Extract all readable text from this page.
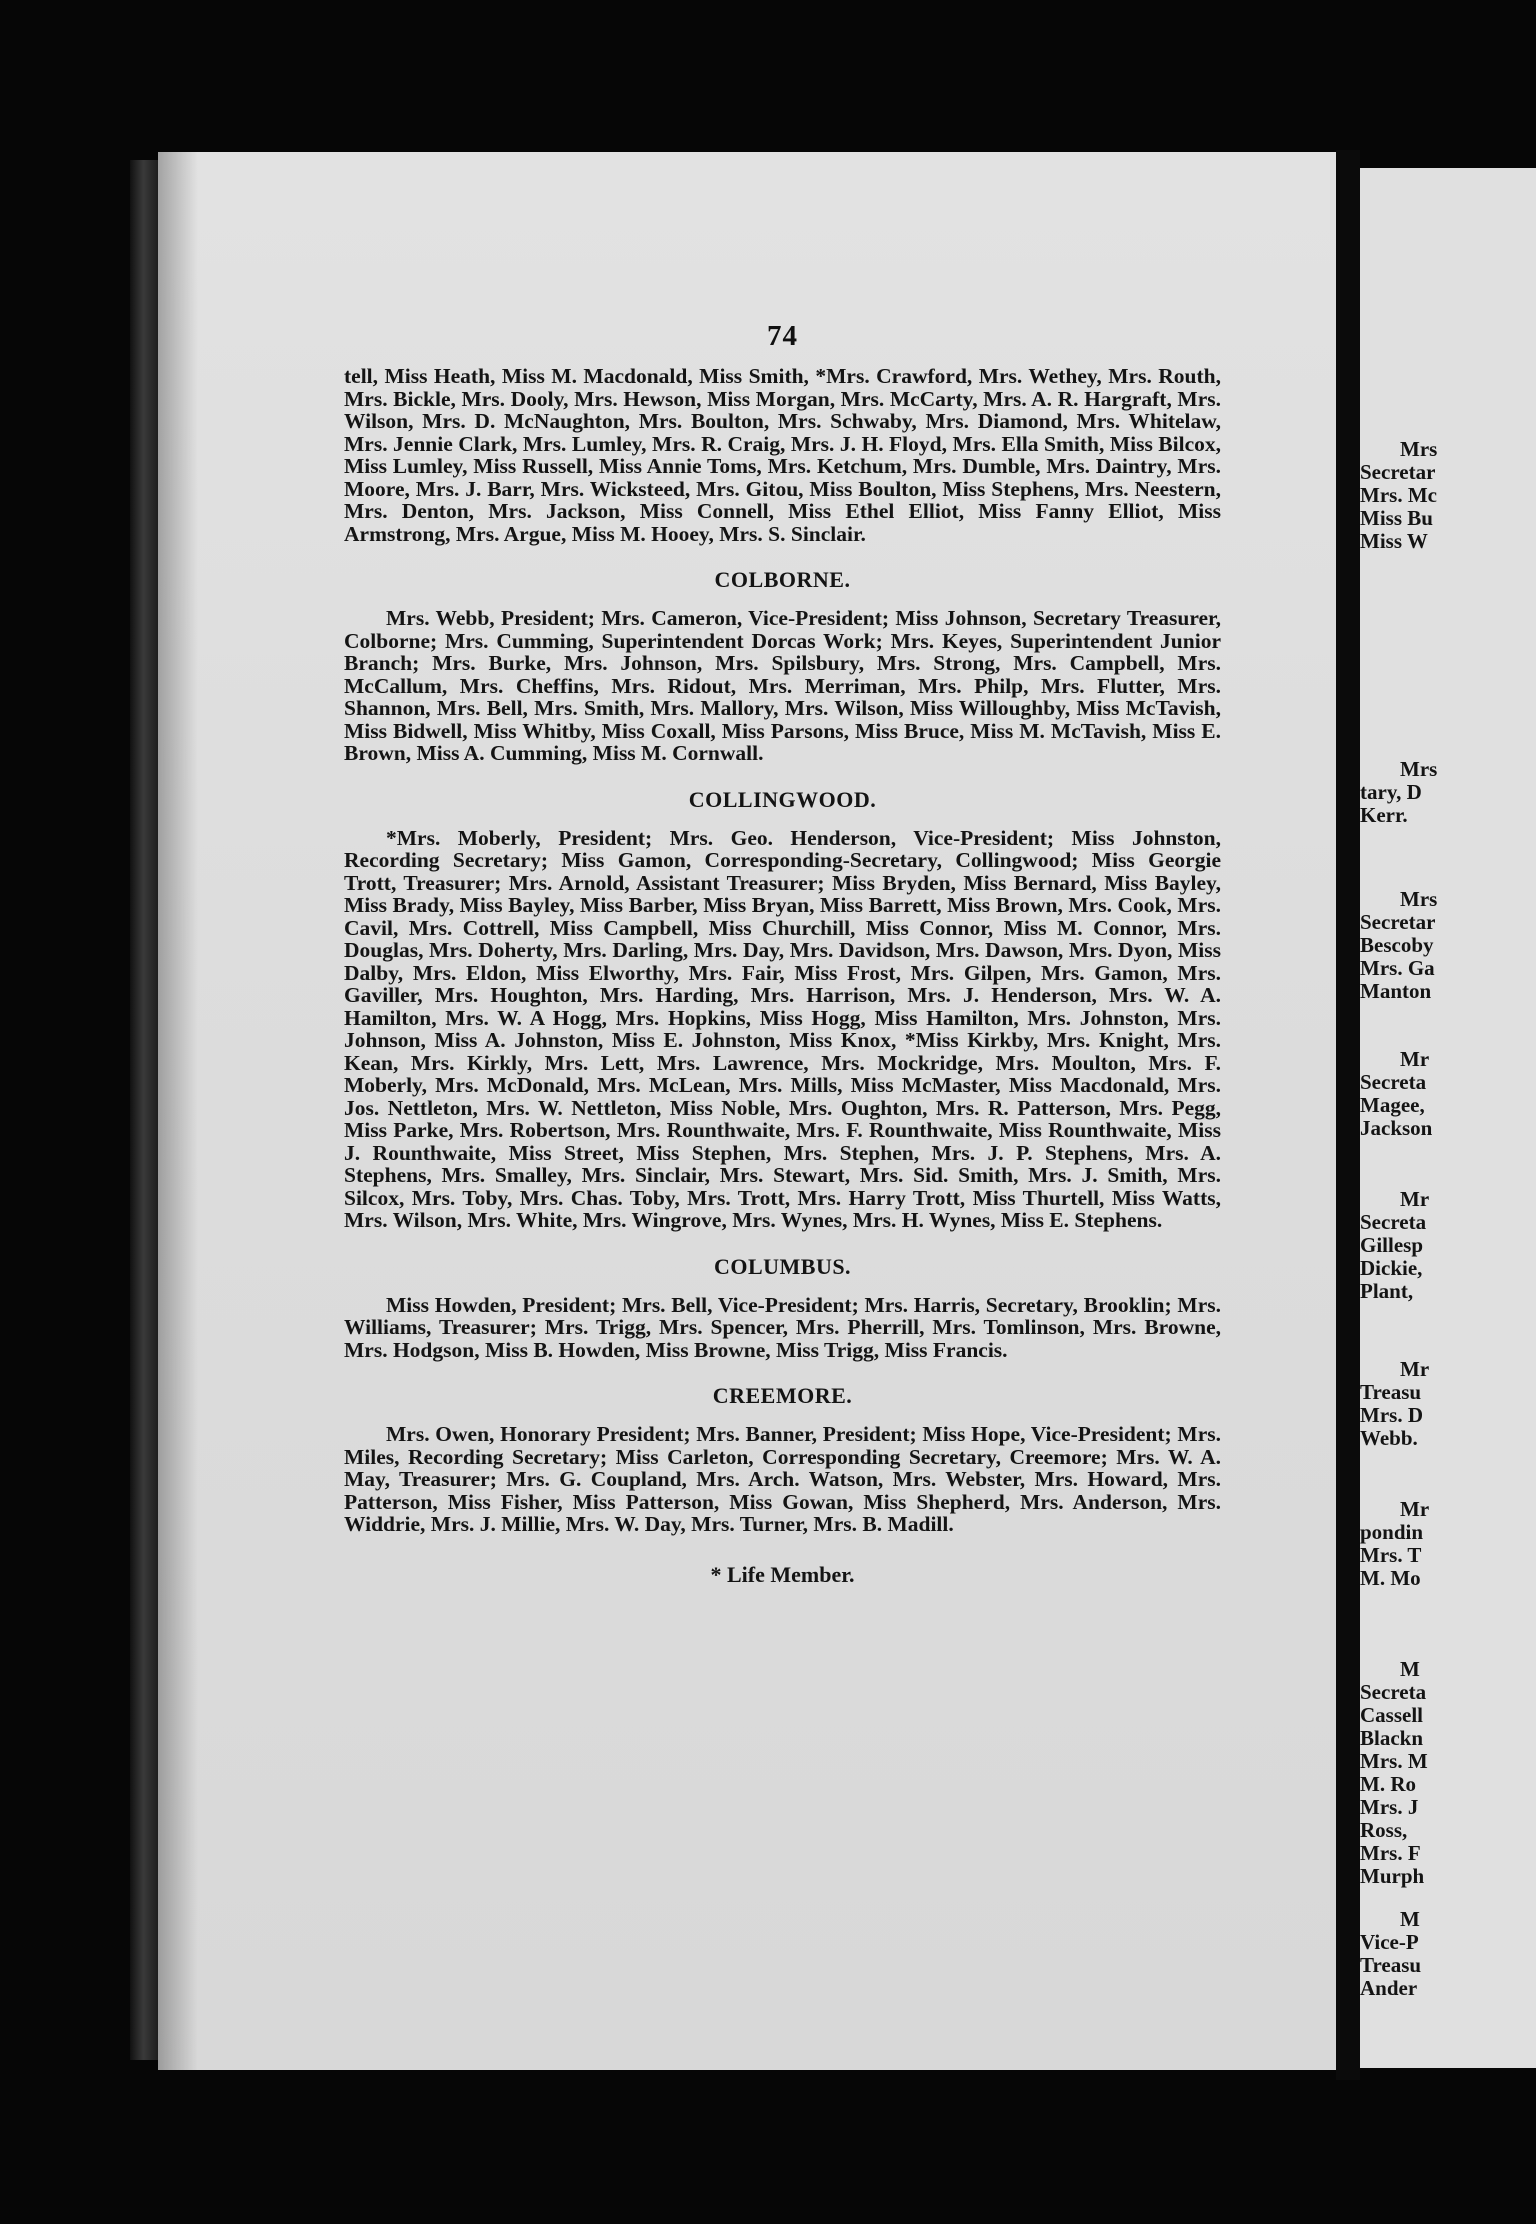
74

tell, Miss Heath, Miss M. Macdonald, Miss Smith, *Mrs. Crawford, Mrs. Wethey, Mrs. Routh, Mrs. Bickle, Mrs. Dooly, Mrs. Hewson, Miss Morgan, Mrs. McCarty, Mrs. A. R. Hargraft, Mrs. Wilson, Mrs. D. McNaughton, Mrs. Boulton, Mrs. Schwaby, Mrs. Diamond, Mrs. Whitelaw, Mrs. Jennie Clark, Mrs. Lumley, Mrs. R. Craig, Mrs. J. H. Floyd, Mrs. Ella Smith, Miss Bilcox, Miss Lumley, Miss Russell, Miss Annie Toms, Mrs. Ketchum, Mrs. Dumble, Mrs. Daintry, Mrs. Moore, Mrs. J. Barr, Mrs. Wicksteed, Mrs. Gitou, Miss Boulton, Miss Stephens, Mrs. Neestern, Mrs. Denton, Mrs. Jackson, Miss Connell, Miss Ethel Elliot, Miss Fanny Elliot, Miss Armstrong, Mrs. Argue, Miss M. Hooey, Mrs. S. Sinclair.

COLBORNE.

Mrs. Webb, President; Mrs. Cameron, Vice-President; Miss Johnson, Secretary Treasurer, Colborne; Mrs. Cumming, Superintendent Dorcas Work; Mrs. Keyes, Superintendent Junior Branch; Mrs. Burke, Mrs. Johnson, Mrs. Spilsbury, Mrs. Strong, Mrs. Campbell, Mrs. McCallum, Mrs. Cheffins, Mrs. Ridout, Mrs. Merriman, Mrs. Philp, Mrs. Flutter, Mrs. Shannon, Mrs. Bell, Mrs. Smith, Mrs. Mallory, Mrs. Wilson, Miss Willoughby, Miss McTavish, Miss Bidwell, Miss Whitby, Miss Coxall, Miss Parsons, Miss Bruce, Miss M. McTavish, Miss E. Brown, Miss A. Cumming, Miss M. Cornwall.

COLLINGWOOD.

*Mrs. Moberly, President; Mrs. Geo. Henderson, Vice-President; Miss Johnston, Recording Secretary; Miss Gamon, Corresponding-Secretary, Collingwood; Miss Georgie Trott, Treasurer; Mrs. Arnold, Assistant Treasurer; Miss Bryden, Miss Bernard, Miss Bayley, Miss Brady, Miss Bayley, Miss Barber, Miss Bryan, Miss Barrett, Miss Brown, Mrs. Cook, Mrs. Cavil, Mrs. Cottrell, Miss Campbell, Miss Churchill, Miss Connor, Miss M. Connor, Mrs. Douglas, Mrs. Doherty, Mrs. Darling, Mrs. Day, Mrs. Davidson, Mrs. Dawson, Mrs. Dyon, Miss Dalby, Mrs. Eldon, Miss Elworthy, Mrs. Fair, Miss Frost, Mrs. Gilpen, Mrs. Gamon, Mrs. Gaviller, Mrs. Houghton, Mrs. Harding, Mrs. Harrison, Mrs. J. Henderson, Mrs. W. A. Hamilton, Mrs. W. A Hogg, Mrs. Hopkins, Miss Hogg, Miss Hamilton, Mrs. Johnston, Mrs. Johnson, Miss A. Johnston, Miss E. Johnston, Miss Knox, *Miss Kirkby, Mrs. Knight, Mrs. Kean, Mrs. Kirkly, Mrs. Lett, Mrs. Lawrence, Mrs. Mockridge, Mrs. Moulton, Mrs. F. Moberly, Mrs. McDonald, Mrs. McLean, Mrs. Mills, Miss McMaster, Miss Macdonald, Mrs. Jos. Nettleton, Mrs. W. Nettleton, Miss Noble, Mrs. Oughton, Mrs. R. Patterson, Mrs. Pegg, Miss Parke, Mrs. Robertson, Mrs. Rounthwaite, Mrs. F. Rounthwaite, Miss Rounthwaite, Miss J. Rounthwaite, Miss Street, Miss Stephen, Mrs. Stephen, Mrs. J. P. Stephens, Mrs. A. Stephens, Mrs. Smalley, Mrs. Sinclair, Mrs. Stewart, Mrs. Sid. Smith, Mrs. J. Smith, Mrs. Silcox, Mrs. Toby, Mrs. Chas. Toby, Mrs. Trott, Mrs. Harry Trott, Miss Thurtell, Miss Watts, Mrs. Wilson, Mrs. White, Mrs. Wingrove, Mrs. Wynes, Mrs. H. Wynes, Miss E. Stephens.

COLUMBUS.

Miss Howden, President; Mrs. Bell, Vice-President; Mrs. Harris, Secretary, Brooklin; Mrs. Williams, Treasurer; Mrs. Trigg, Mrs. Spencer, Mrs. Pherrill, Mrs. Tomlinson, Mrs. Browne, Mrs. Hodgson, Miss B. Howden, Miss Browne, Miss Trigg, Miss Francis.

CREEMORE.

Mrs. Owen, Honorary President; Mrs. Banner, President; Miss Hope, Vice-President; Mrs. Miles, Recording Secretary; Miss Carleton, Corresponding Secretary, Creemore; Mrs. W. A. May, Treasurer; Mrs. G. Coupland, Mrs. Arch. Watson, Mrs. Webster, Mrs. Howard, Mrs. Patterson, Miss Fisher, Miss Patterson, Miss Gowan, Miss Shepherd, Mrs. Anderson, Mrs. Widdrie, Mrs. J. Millie, Mrs. W. Day, Mrs. Turner, Mrs. B. Madill.

* Life Member.
Mrs
Secretar
Mrs. Mc
Miss Bu
Miss W
Mrs
tary, D
Kerr.
Mrs
Secretar
Bescoby
Mrs. Ga
Manton
Mr
Secreta
Magee,
Jackson
Mr
Secreta
Gillesp
Dickie,
Plant,
Mr
Treasu
Mrs. D
Webb.
Mr
pondin
Mrs. T
M. Mo
M
Secreta
Cassell
Blackn
Mrs. M
M. Ro
Mrs. J
Ross,
Mrs. F
Murph
M
Vice-P
Treasu
Ander
